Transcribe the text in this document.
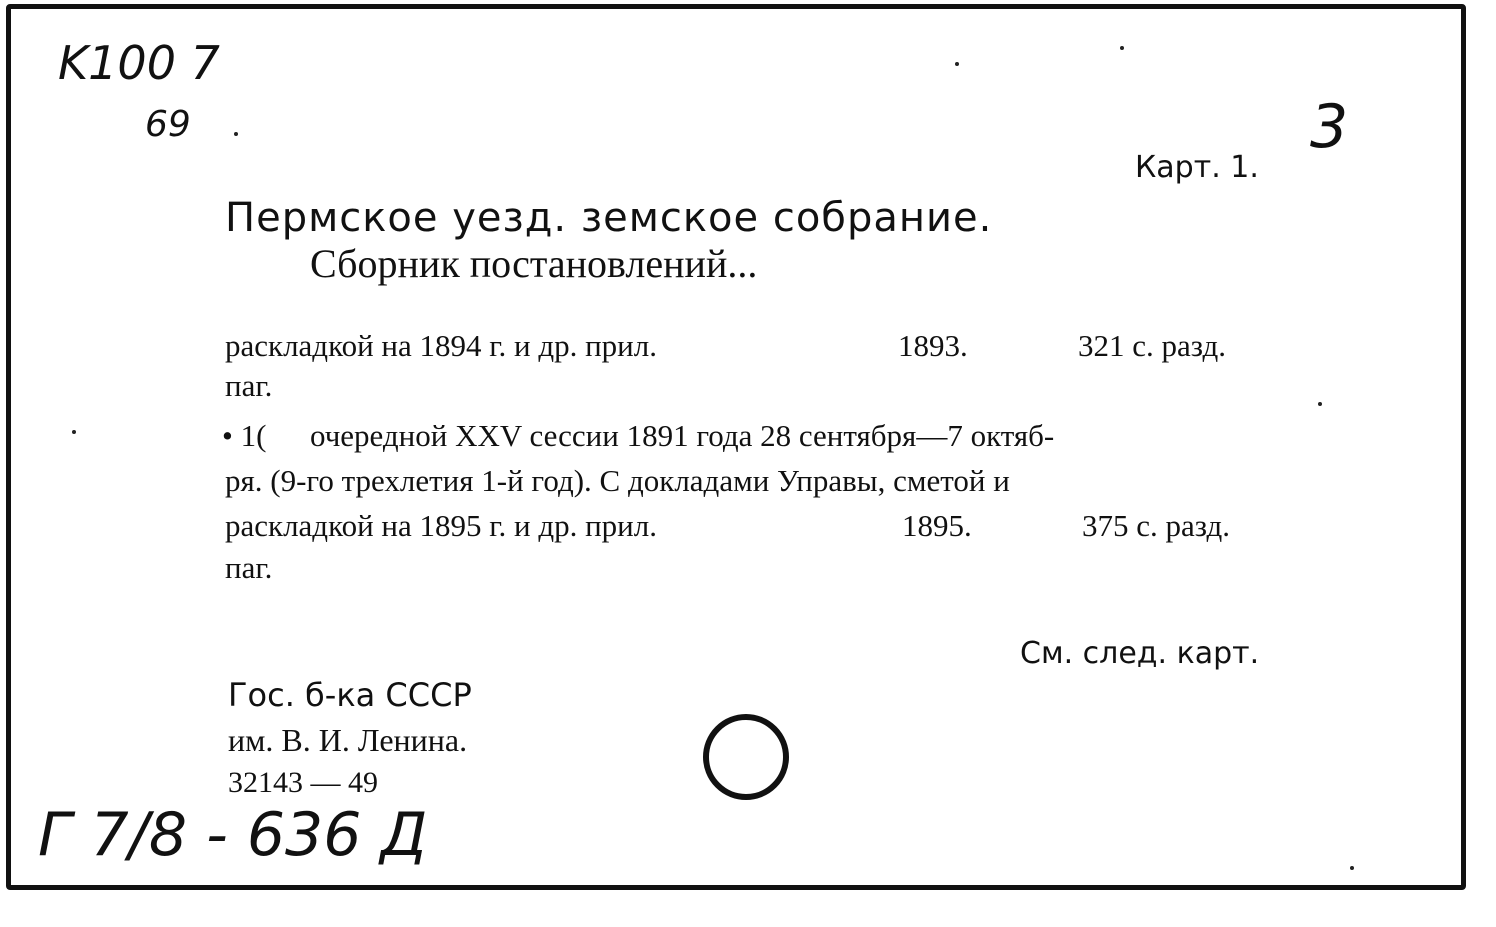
K100 7
69	3
Карт. 1.
Пермское уезд. земское собрание.
Сборник постановлений...
раскладкой на 1894 г. и др. прил.	1893.	321 с. разд.
паг.
• 1( очередной XXV сессии 1891 года 28 сентября—7 октяб-
ря. (9-го трехлетия 1-й год). С докладами Управы, сметой и
раскладкой на 1895 г. и др. прил.	1895.	375 с. разд.
паг.
См. след. карт.
Гос. б-ка СССР
им. В. И. Ленина.
32143 — 49
Г 7/8 - 636 Д
